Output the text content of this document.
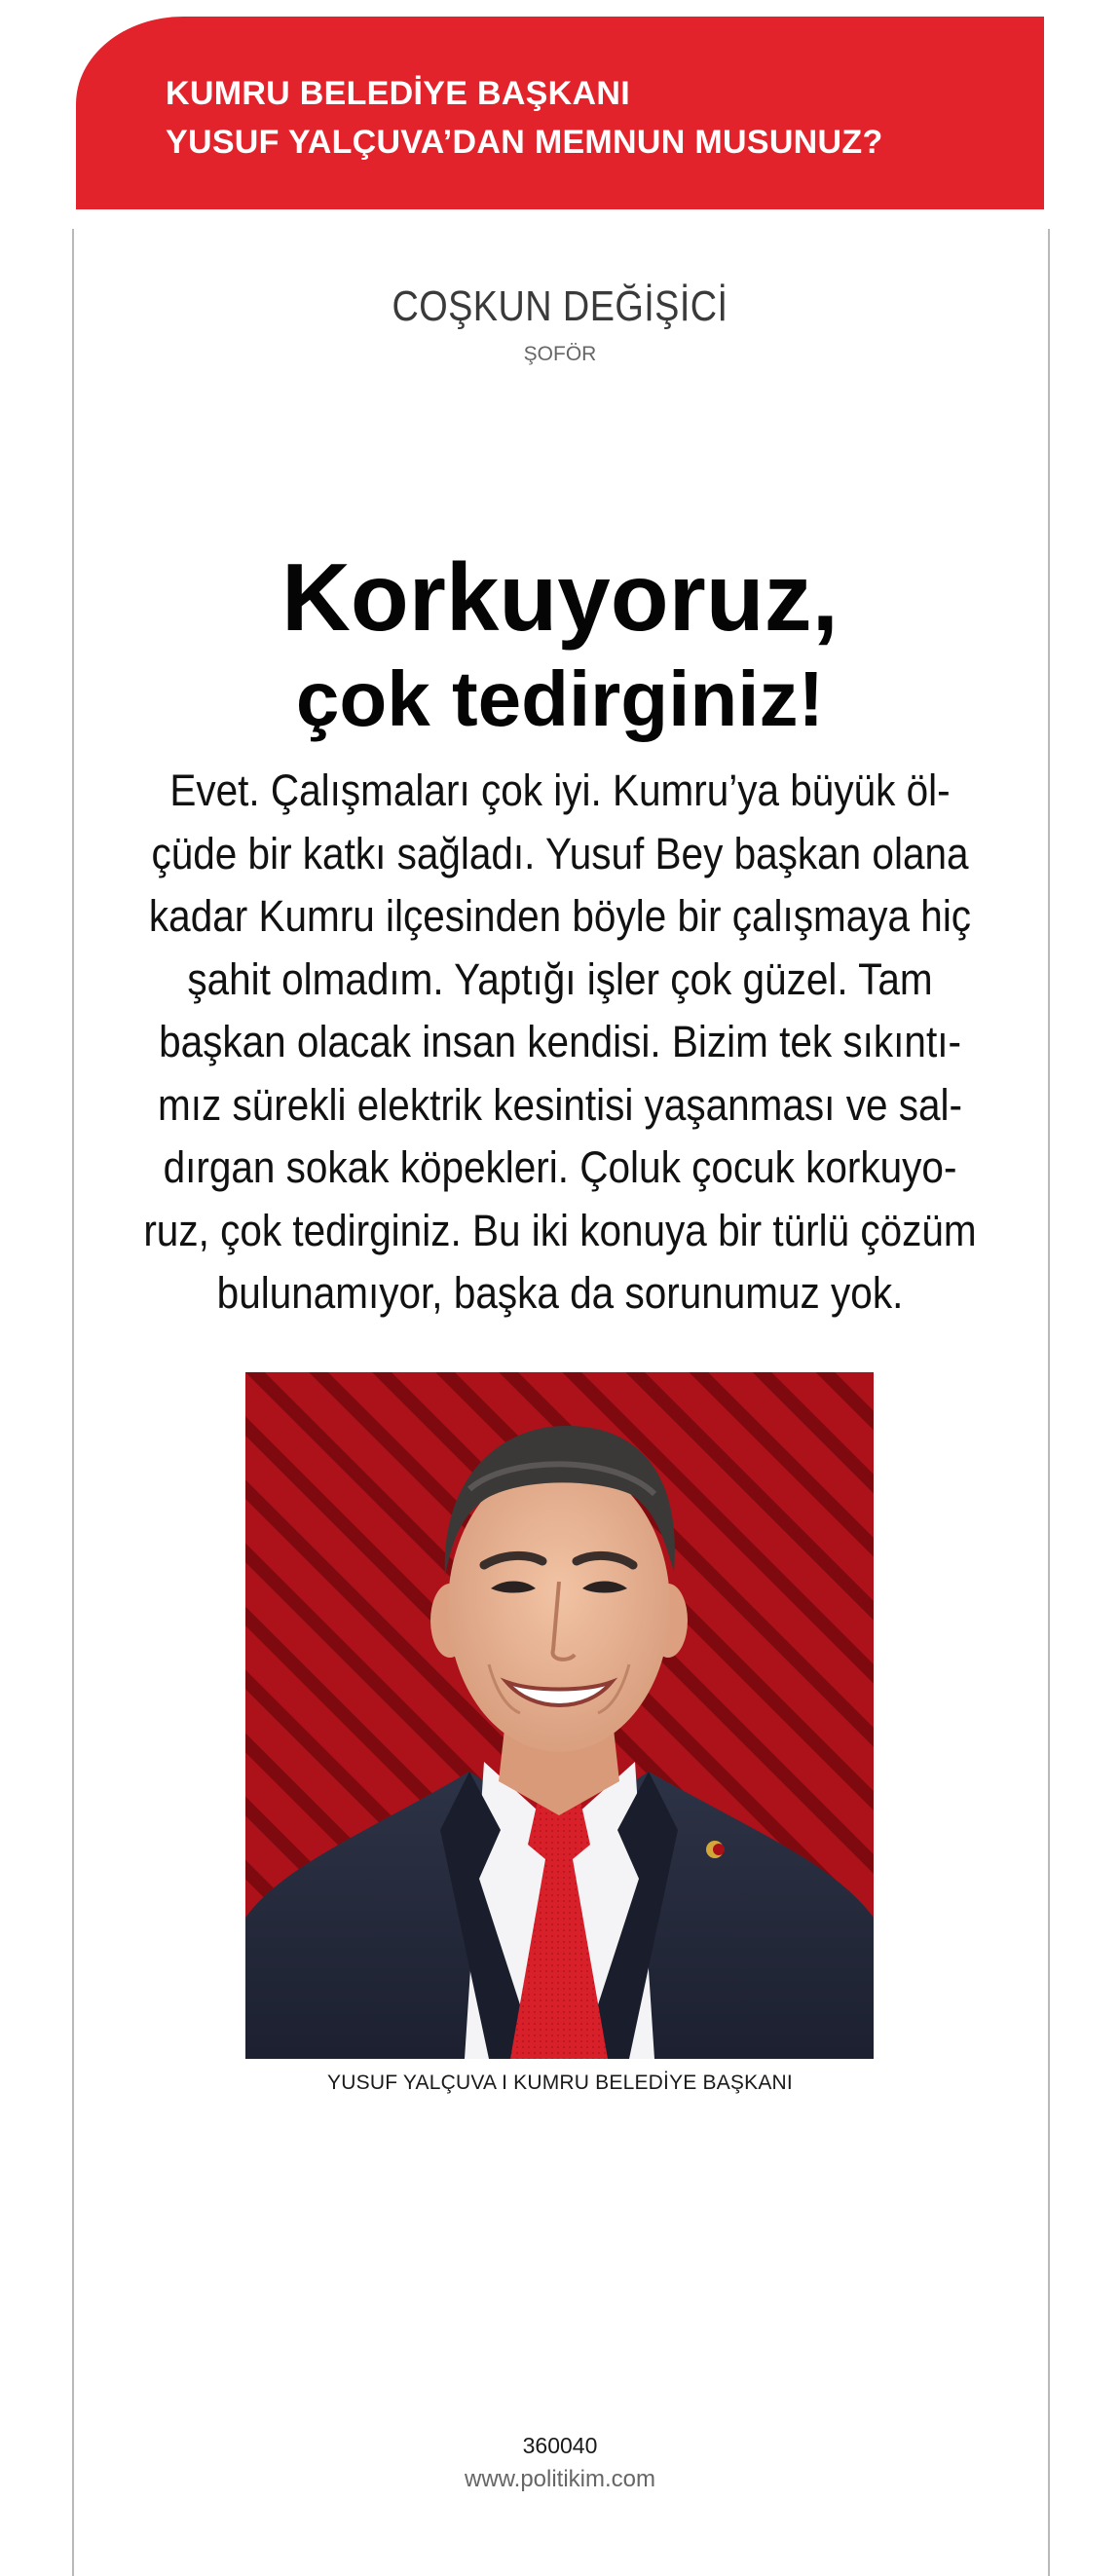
KUMRU BELEDİYE BAŞKANI
YUSUF YALÇUVA’DAN MEMNUN MUSUNUZ?
COŞKUN DEĞİŞİCİ
ŞOFÖR
Korkuyoruz,
çok tedirginiz!
Evet. Çalışmaları çok iyi. Kumru’ya büyük öl-
çüde bir katkı sağladı. Yusuf Bey başkan olana
kadar Kumru ilçesinden böyle bir çalışmaya hiç
şahit olmadım. Yaptığı işler çok güzel. Tam
başkan olacak insan kendisi. Bizim tek sıkıntı-
mız sürekli elektrik kesintisi yaşanması ve sal-
dırgan sokak köpekleri. Çoluk çocuk korkuyo-
ruz, çok tedirginiz. Bu iki konuya bir türlü çözüm
bulunamıyor, başka da sorunumuz yok.
YUSUF YALÇUVA I KUMRU BELEDİYE BAŞKANI
360040
www.politikim.com
